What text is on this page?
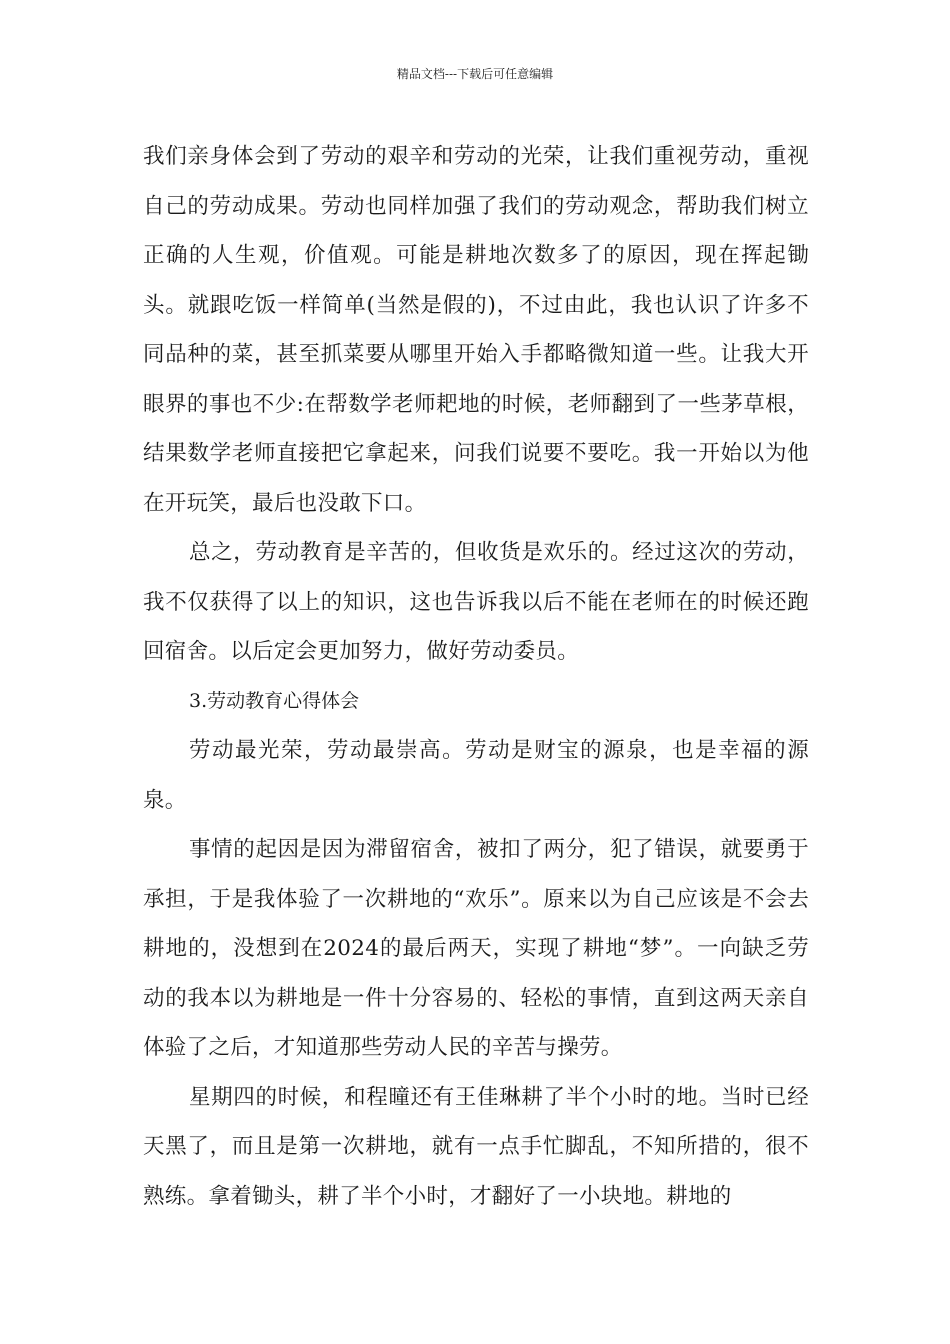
精品文档---下载后可任意编辑

我们亲身体会到了劳动的艰辛和劳动的光荣，让我们重视劳动，重视自己的劳动成果。劳动也同样加强了我们的劳动观念，帮助我们树立正确的人生观，价值观。可能是耕地次数多了的原因，现在挥起锄头。就跟吃饭一样简单(当然是假的)，不过由此，我也认识了许多不同品种的菜，甚至抓菜要从哪里开始入手都略微知道一些。让我大开眼界的事也不少:在帮数学老师耙地的时候，老师翻到了一些茅草根，结果数学老师直接把它拿起来，问我们说要不要吃。我一开始以为他在开玩笑，最后也没敢下口。

总之，劳动教育是辛苦的，但收货是欢乐的。经过这次的劳动，我不仅获得了以上的知识，这也告诉我以后不能在老师在的时候还跑回宿舍。以后定会更加努力，做好劳动委员。

3.劳动教育心得体会

劳动最光荣，劳动最崇高。劳动是财宝的源泉，也是幸福的源泉。

事情的起因是因为滞留宿舍，被扣了两分，犯了错误，就要勇于承担，于是我体验了一次耕地的“欢乐”。原来以为自己应该是不会去耕地的，没想到在2024的最后两天，实现了耕地“梦”。一向缺乏劳动的我本以为耕地是一件十分容易的、轻松的事情，直到这两天亲自体验了之后，才知道那些劳动人民的辛苦与操劳。

星期四的时候，和程曈还有王佳琳耕了半个小时的地。当时已经天黑了，而且是第一次耕地，就有一点手忙脚乱，不知所措的，很不熟练。拿着锄头，耕了半个小时，才翻好了一小块地。耕地的
